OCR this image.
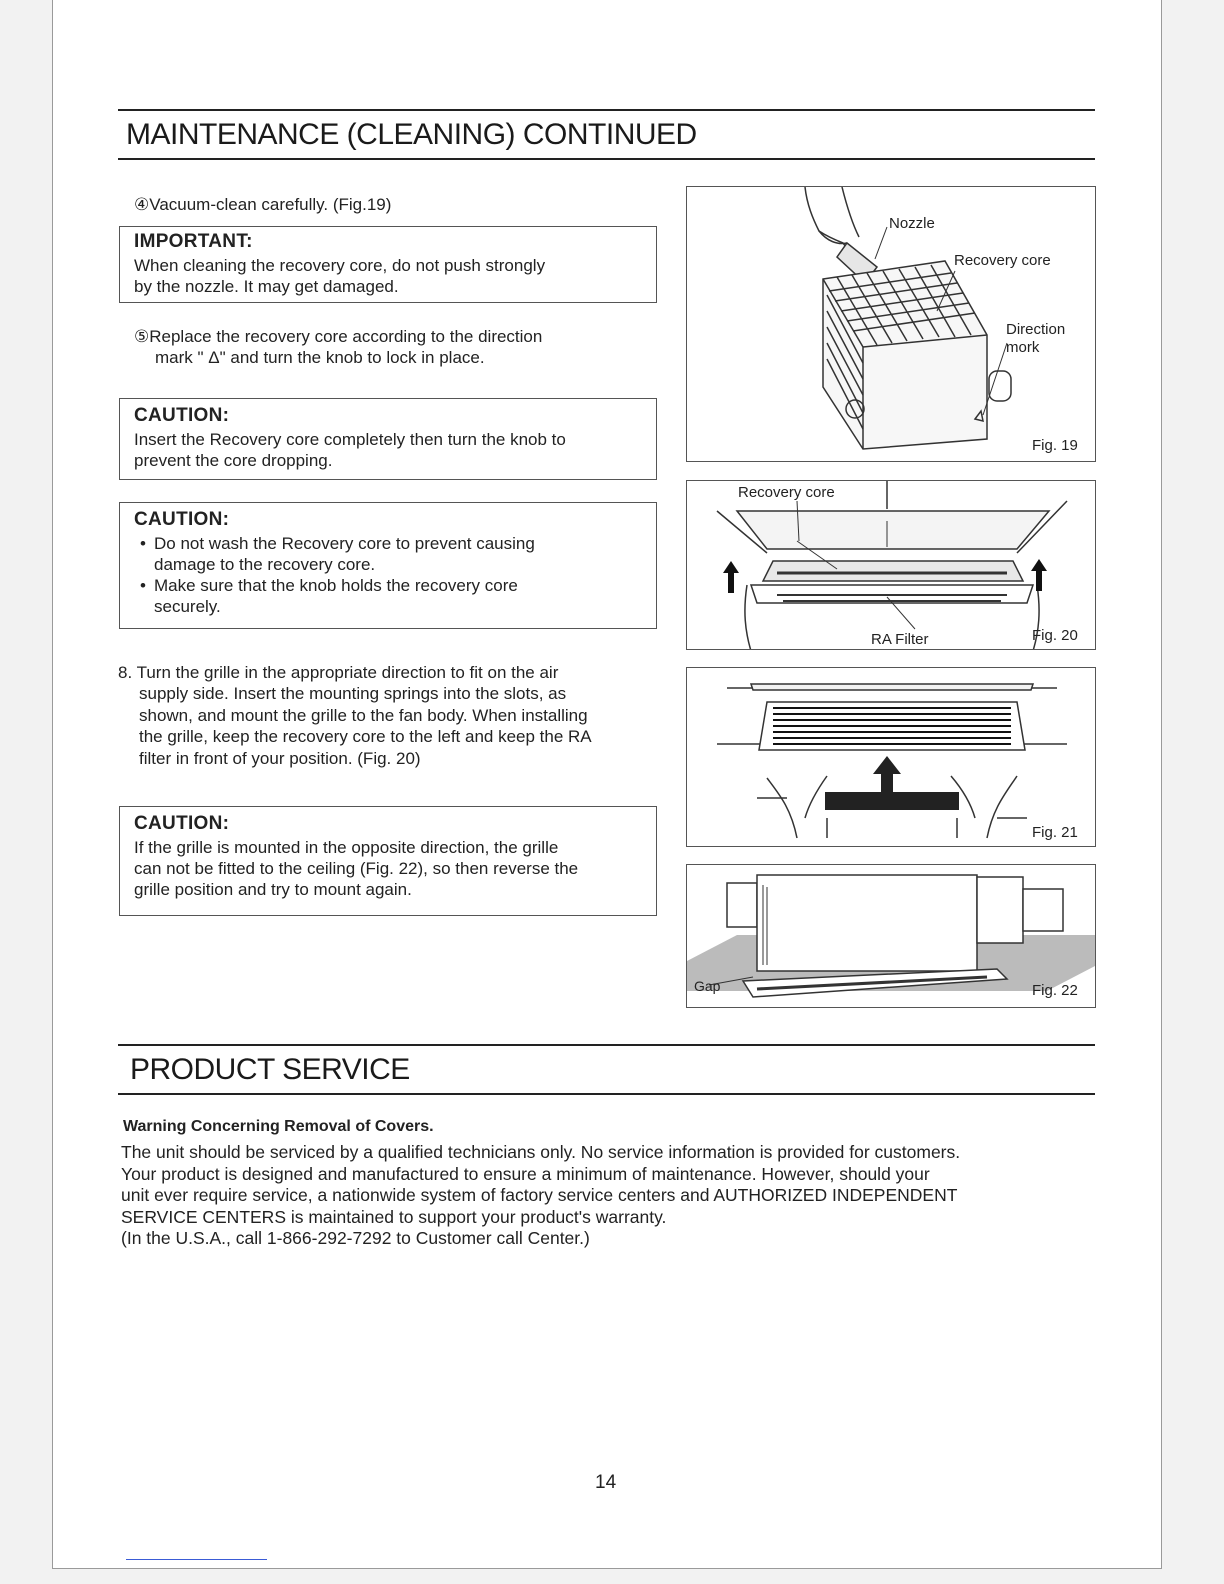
MAINTENANCE (CLEANING) CONTINUED
④Vacuum-clean carefully. (Fig.19)
IMPORTANT:
When cleaning the recovery core, do not push strongly
by the nozzle. It may get damaged.
⑤Replace the recovery core according to the direction
mark " Δ" and turn the knob to lock in place.
CAUTION:
Insert the Recovery core completely then turn the knob to
prevent the core dropping.
CAUTION:
• Do not wash the Recovery core to prevent causing
damage to the recovery core.
• Make sure that the knob holds the recovery core
securely.
8. Turn the grille in the appropriate direction to fit on the air
supply side. Insert the mounting springs into the slots, as
shown, and mount the grille to the fan body. When installing
the grille, keep the recovery core to the left and keep the RA
filter in front of your position. (Fig. 20)
CAUTION:
If the grille is mounted in the opposite direction, the grille
can not be fitted to the ceiling (Fig. 22), so then reverse the
grille position and try to mount again.
Nozzle
Recovery core
Direction
mork
Fig. 19
Recovery core
RA Filter	Fig. 20
Fig. 21
Gap	Fig. 22
PRODUCT SERVICE
Warning Concerning Removal of Covers.
The unit should be serviced by a qualified technicians only. No service information is provided for customers.
Your product is designed and manufactured to ensure a minimum of maintenance. However, should your
unit ever require service, a nationwide system of factory service centers and AUTHORIZED INDEPENDENT
SERVICE CENTERS is maintained to support your product's warranty.
(In the U.S.A., call 1-866-292-7292 to Customer call Center.)
14
